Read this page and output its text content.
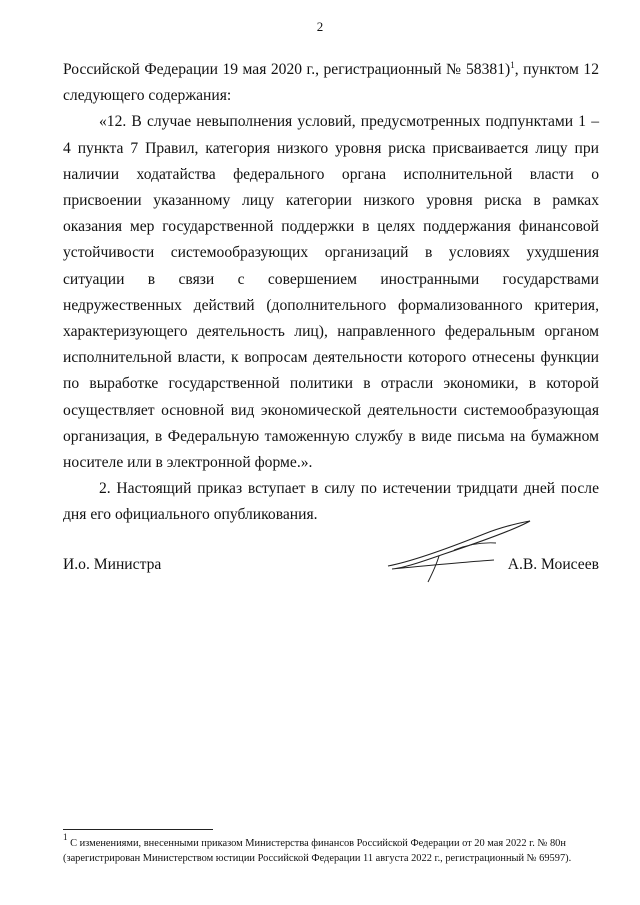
2

Российской Федерации 19 мая 2020 г., регистрационный № 58381)$^1$, пунктом 12 следующего содержания:

«12. В случае невыполнения условий, предусмотренных подпунктами 1 – 4 пункта 7 Правил, категория низкого уровня риска присваивается лицу при наличии ходатайства федерального органа исполнительной власти о присвоении указанному лицу категории низкого уровня риска в рамках оказания мер государственной поддержки в целях поддержания финансовой устойчивости системообразующих организаций в условиях ухудшения ситуации в связи с совершением иностранными государствами недружественных действий (дополнительного формализованного критерия, характеризующего деятельность лиц), направленного федеральным органом исполнительной власти, к вопросам деятельности которого отнесены функции по выработке государственной политики в отрасли экономики, в которой осуществляет основной вид экономической деятельности системообразующая организация, в Федеральную таможенную службу в виде письма на бумажном носителе или в электронной форме.».

2. Настоящий приказ вступает в силу по истечении тридцати дней после дня его официального опубликования.

И.о. Министра	А.В. Моисеев

$^1$ С изменениями, внесенными приказом Министерства финансов Российской Федерации от 20 мая 2022 г. № 80н

(зарегистрирован Министерством юстиции Российской Федерации 11 августа 2022 г., регистрационный № 69597).
